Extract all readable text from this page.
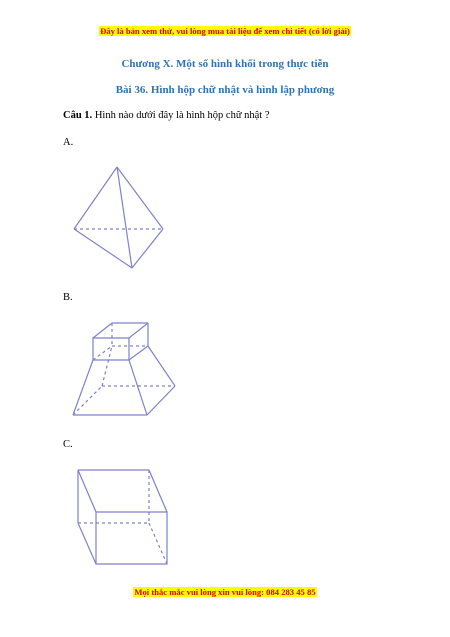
Đây là bản xem thử, vui lòng mua tài liệu để xem chi tiết (có lời giải)
Chương X. Một số hình khối trong thực tiễn
Bài 36. Hình hộp chữ nhật và hình lập phương
Câu 1. Hình nào dưới đây là hình hộp chữ nhật ?
A.
B.
C.
Mọi thắc mắc vui lòng xin vui lòng: 084 283 45 85
